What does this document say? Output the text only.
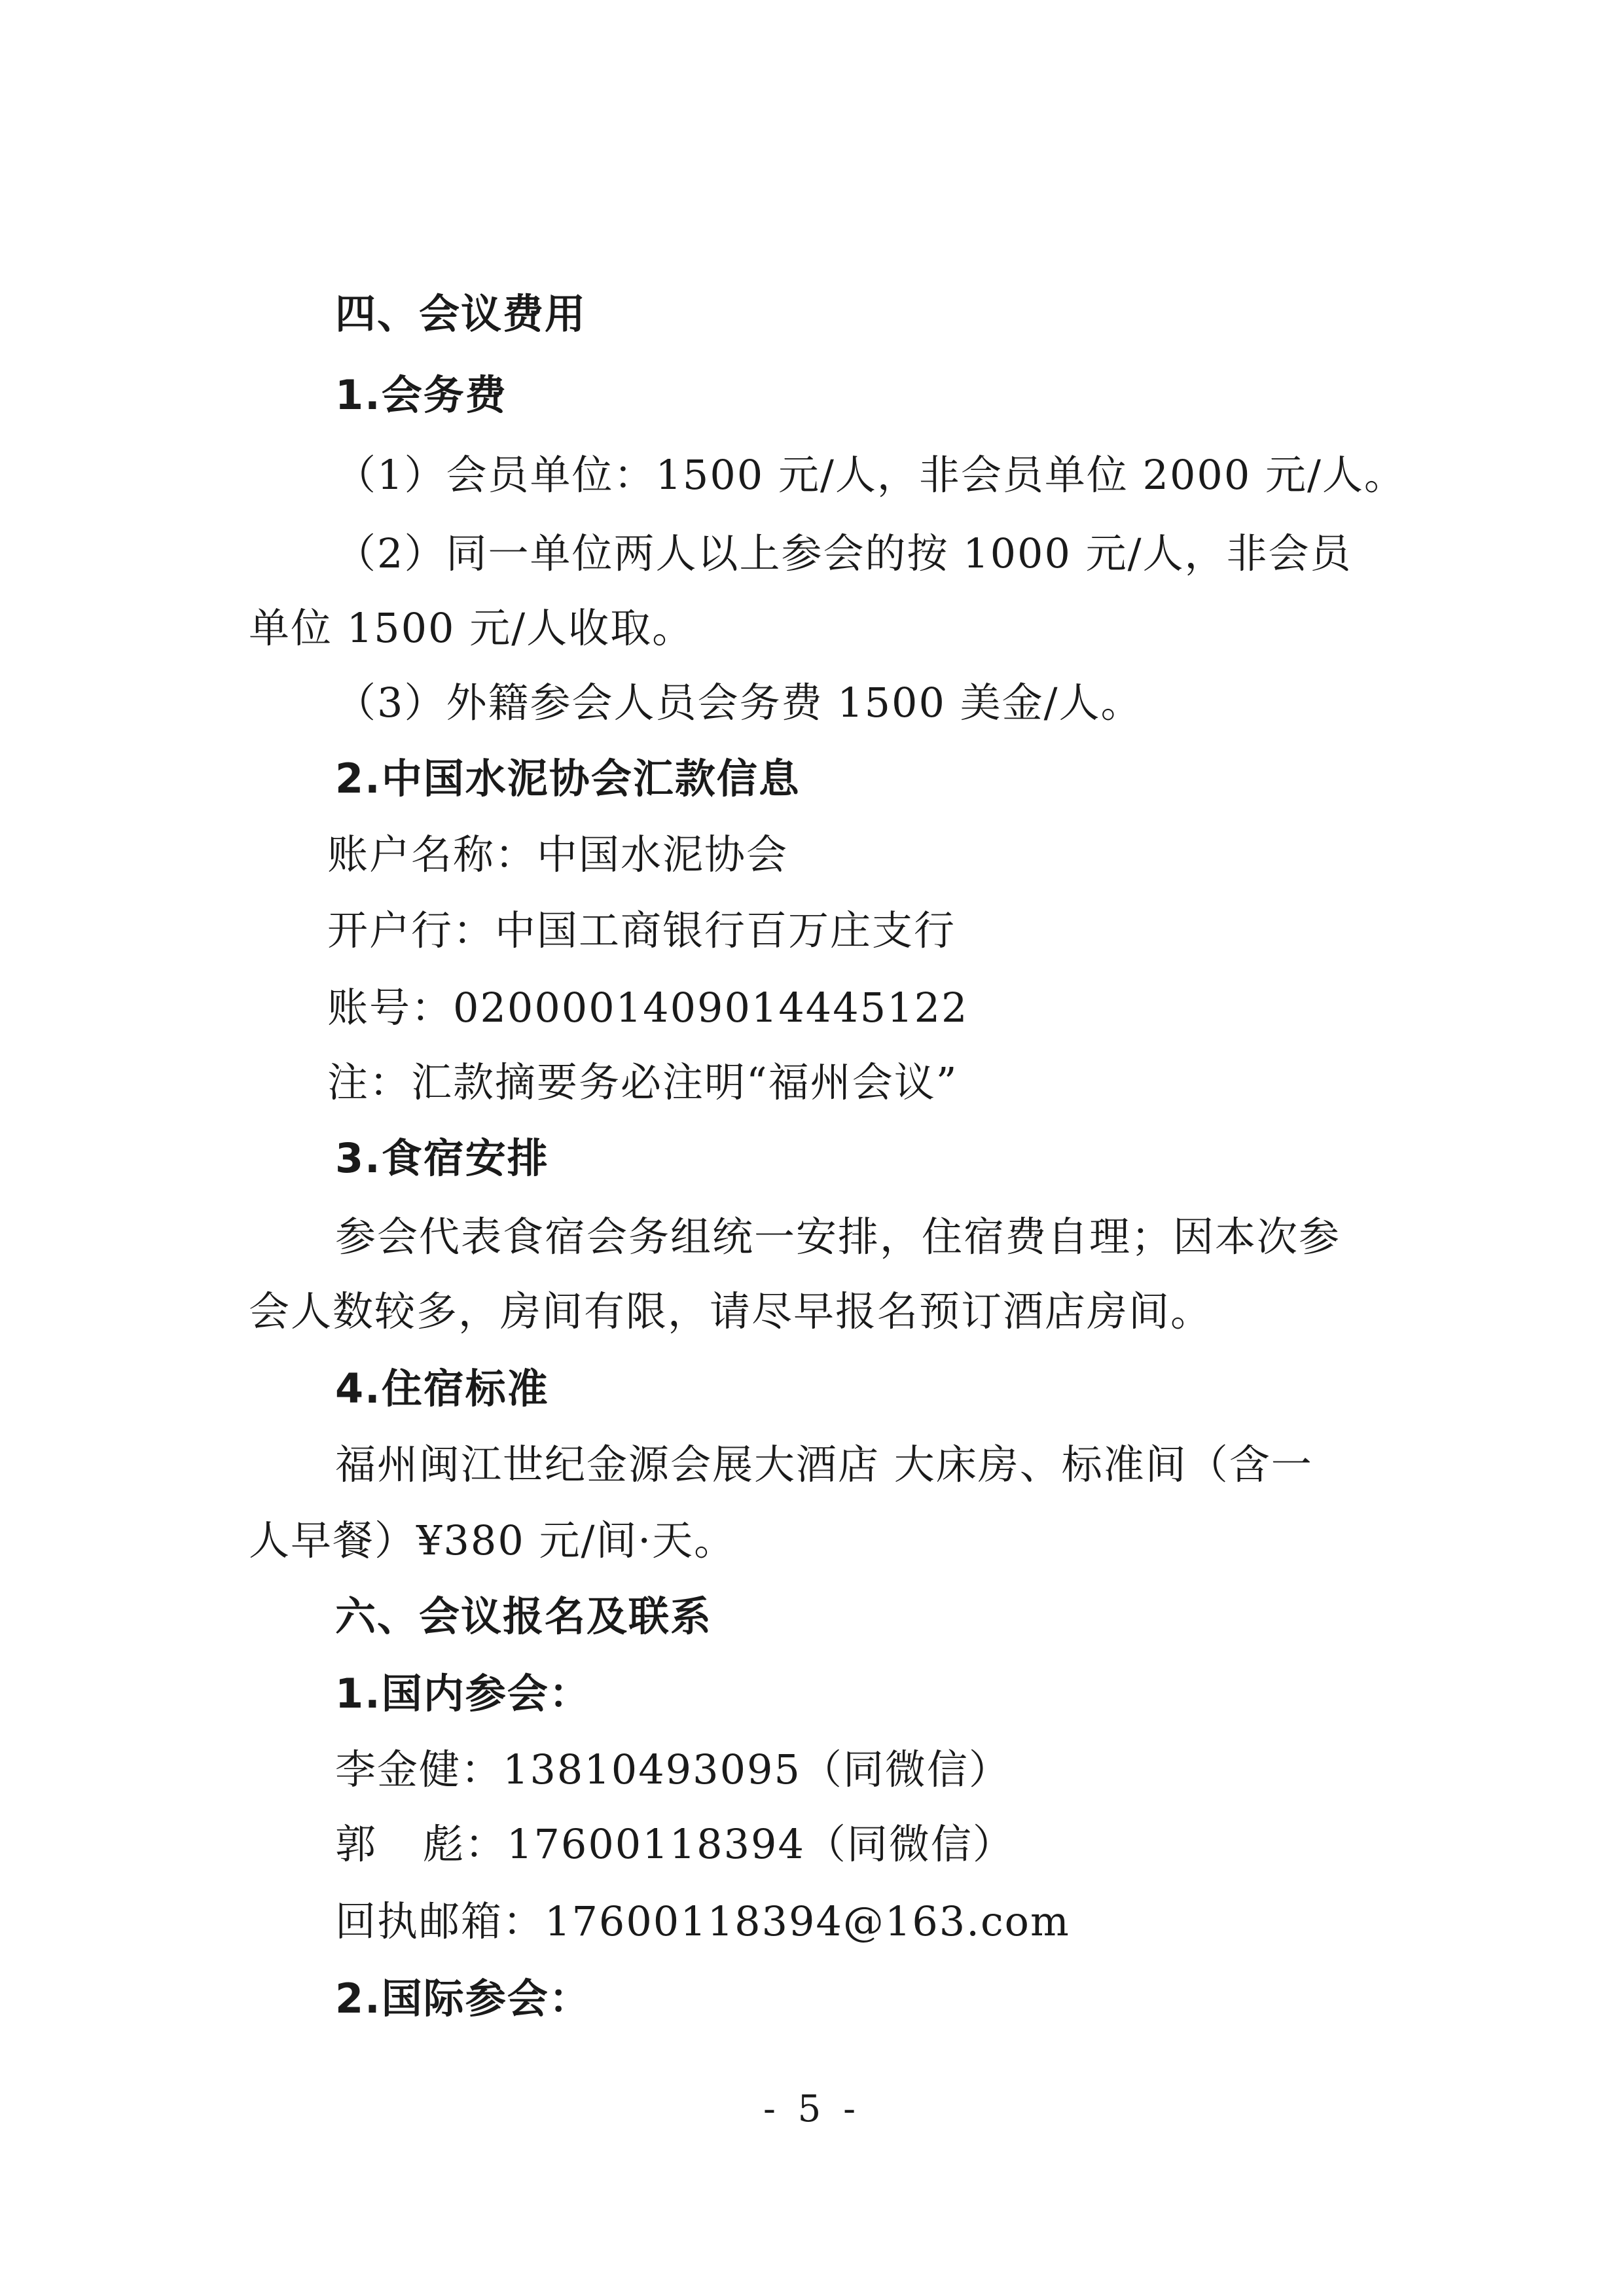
四、会议费用
1.会务费
（1）会员单位：1500 元/人，非会员单位 2000 元/人。
（2）同一单位两人以上参会的按 1000 元/人，非会员
单位 1500 元/人收取。
（3）外籍参会人员会务费 1500 美金/人。
2.中国水泥协会汇款信息
账户名称：中国水泥协会
开户行：中国工商银行百万庄支行
账号：0200001409014445122
注：汇款摘要务必注明“福州会议”
3.食宿安排
参会代表食宿会务组统一安排，住宿费自理；因本次参
会人数较多，房间有限，请尽早报名预订酒店房间。
4.住宿标准
福州闽江世纪金源会展大酒店 大床房、标准间（含一
人早餐）¥380 元/间·天。
六、会议报名及联系
1.国内参会：
李金健：13810493095（同微信）
郭 彪：17600118394（同微信）
回执邮箱：17600118394@163.com
2.国际参会：
- 5 -
